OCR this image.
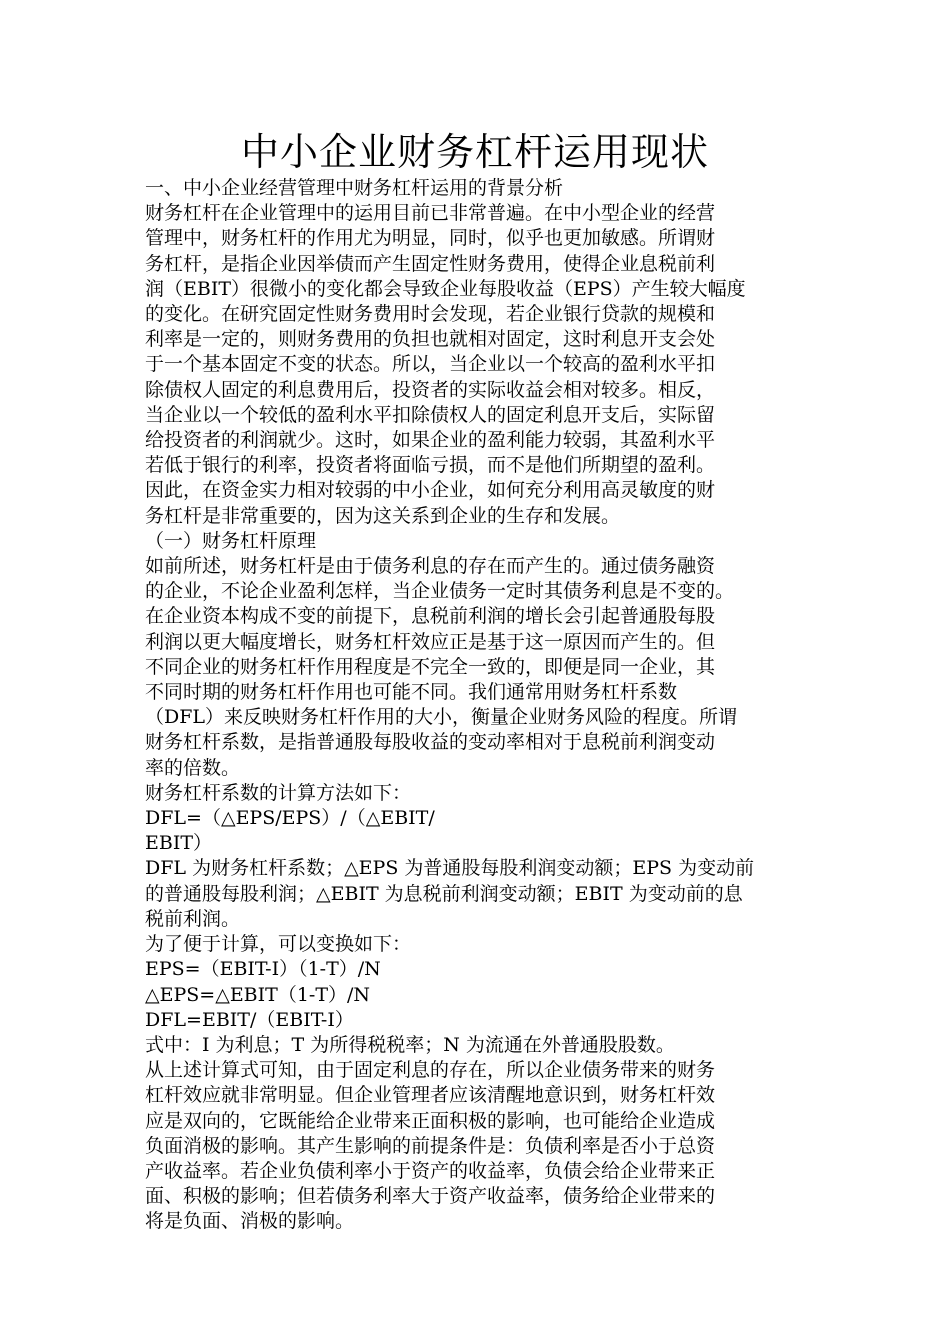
中小企业财务杠杆运用现状
一、中小企业经营管理中财务杠杆运用的背景分析
财务杠杆在企业管理中的运用目前已非常普遍。在中小型企业的经营
管理中，财务杠杆的作用尤为明显，同时，似乎也更加敏感。所谓财
务杠杆，是指企业因举债而产生固定性财务费用，使得企业息税前利
润（EBIT）很微小的变化都会导致企业每股收益（EPS）产生较大幅度
的变化。在研究固定性财务费用时会发现，若企业银行贷款的规模和
利率是一定的，则财务费用的负担也就相对固定，这时利息开支会处
于一个基本固定不变的状态。所以，当企业以一个较高的盈利水平扣
除债权人固定的利息费用后，投资者的实际收益会相对较多。相反，
当企业以一个较低的盈利水平扣除债权人的固定利息开支后，实际留
给投资者的利润就少。这时，如果企业的盈利能力较弱，其盈利水平
若低于银行的利率，投资者将面临亏损，而不是他们所期望的盈利。
因此，在资金实力相对较弱的中小企业，如何充分利用高灵敏度的财
务杠杆是非常重要的，因为这关系到企业的生存和发展。
（一）财务杠杆原理
如前所述，财务杠杆是由于债务利息的存在而产生的。通过债务融资
的企业，不论企业盈利怎样，当企业债务一定时其债务利息是不变的。
在企业资本构成不变的前提下，息税前利润的增长会引起普通股每股
利润以更大幅度增长，财务杠杆效应正是基于这一原因而产生的。但
不同企业的财务杠杆作用程度是不完全一致的，即便是同一企业，其
不同时期的财务杠杆作用也可能不同。我们通常用财务杠杆系数
（DFL）来反映财务杠杆作用的大小，衡量企业财务风险的程度。所谓
财务杠杆系数，是指普通股每股收益的变动率相对于息税前利润变动
率的倍数。
财务杠杆系数的计算方法如下：
DFL=（△EPS/EPS）/（△EBIT/
EBIT）
DFL 为财务杠杆系数；△EPS 为普通股每股利润变动额；EPS 为变动前
的普通股每股利润；△EBIT 为息税前利润变动额；EBIT 为变动前的息
税前利润。
为了便于计算，可以变换如下：
EPS=（EBIT-I）（1-T）/N
△EPS=△EBIT（1-T）/N
DFL=EBIT/（EBIT-I）
式中：I 为利息；T 为所得税税率；N 为流通在外普通股股数。
从上述计算式可知，由于固定利息的存在，所以企业债务带来的财务
杠杆效应就非常明显。但企业管理者应该清醒地意识到，财务杠杆效
应是双向的，它既能给企业带来正面积极的影响，也可能给企业造成
负面消极的影响。其产生影响的前提条件是：负债利率是否小于总资
产收益率。若企业负债利率小于资产的收益率，负债会给企业带来正
面、积极的影响；但若债务利率大于资产收益率，债务给企业带来的
将是负面、消极的影响。
